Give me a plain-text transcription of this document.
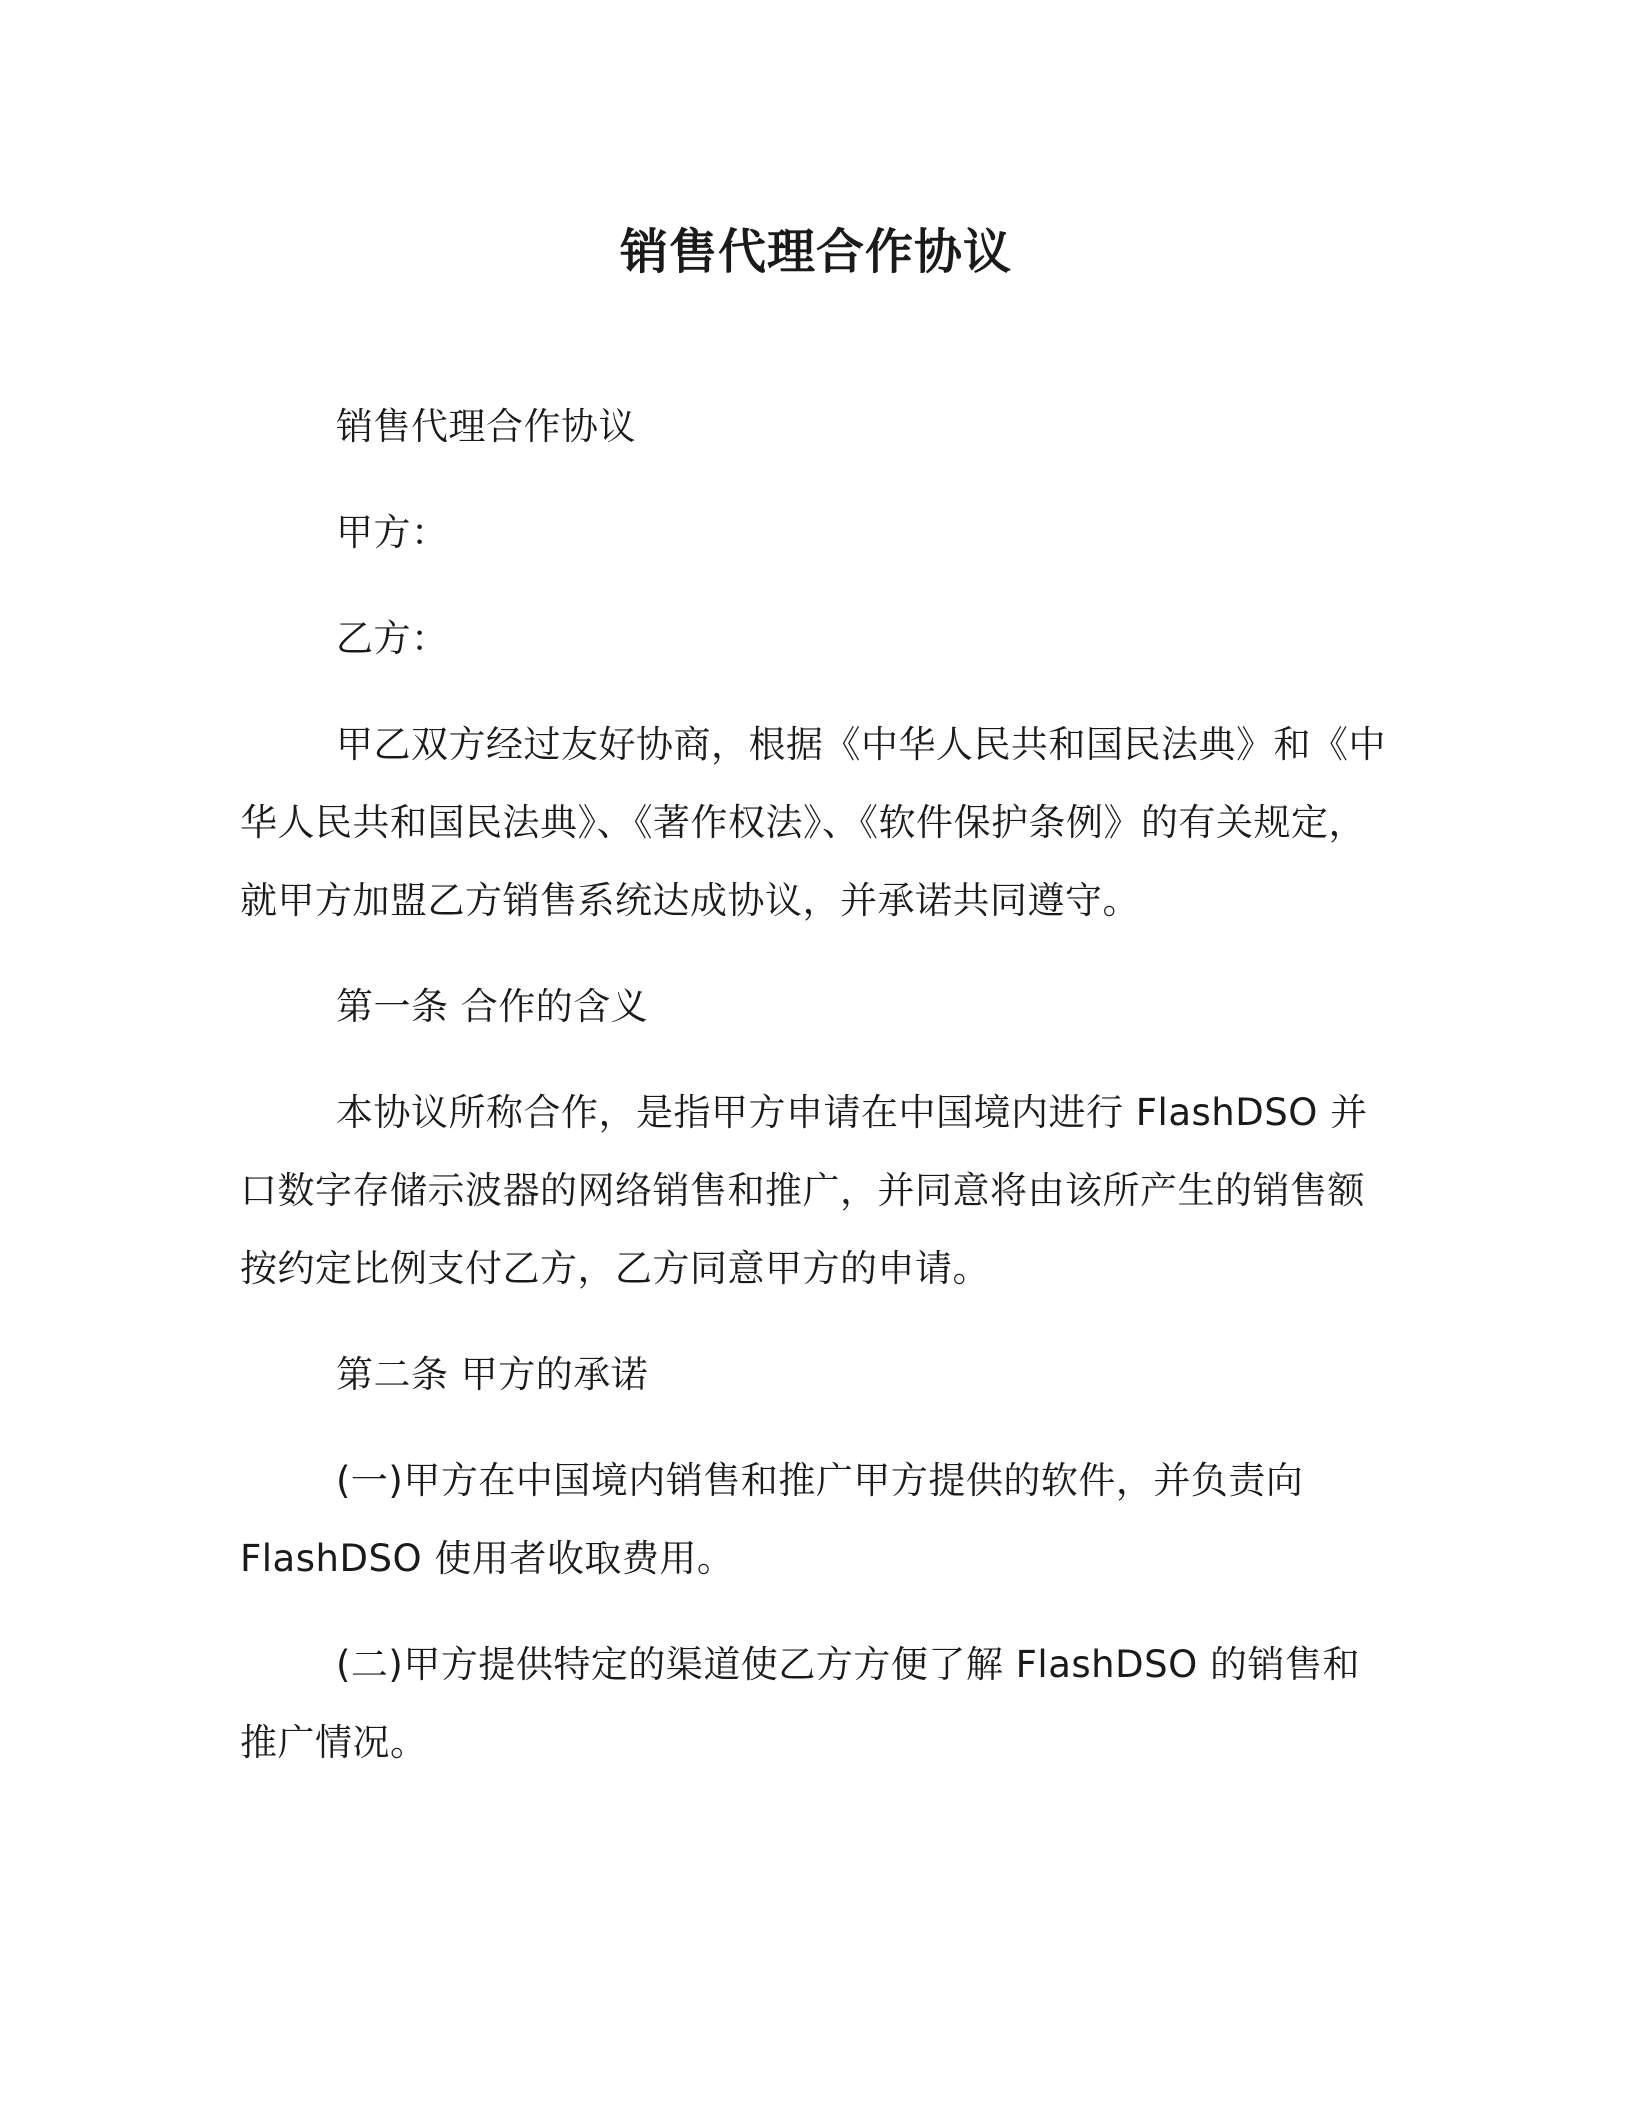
销售代理合作协议

销售代理合作协议

甲方：

乙方：

甲乙双方经过友好协商，根据《中华人民共和国民法典》和《中华人民共和国民法典》、《著作权法》、《软件保护条例》的有关规定，就甲方加盟乙方销售系统达成协议，并承诺共同遵守。

第一条 合作的含义

本协议所称合作，是指甲方申请在中国境内进行 FlashDSO 并口数字存储示波器的网络销售和推广，并同意将由该所产生的销售额按约定比例支付乙方，乙方同意甲方的申请。

第二条 甲方的承诺

(一)甲方在中国境内销售和推广甲方提供的软件，并负责向 FlashDSO 使用者收取费用。

(二)甲方提供特定的渠道使乙方方便了解 FlashDSO 的销售和推广情况。
